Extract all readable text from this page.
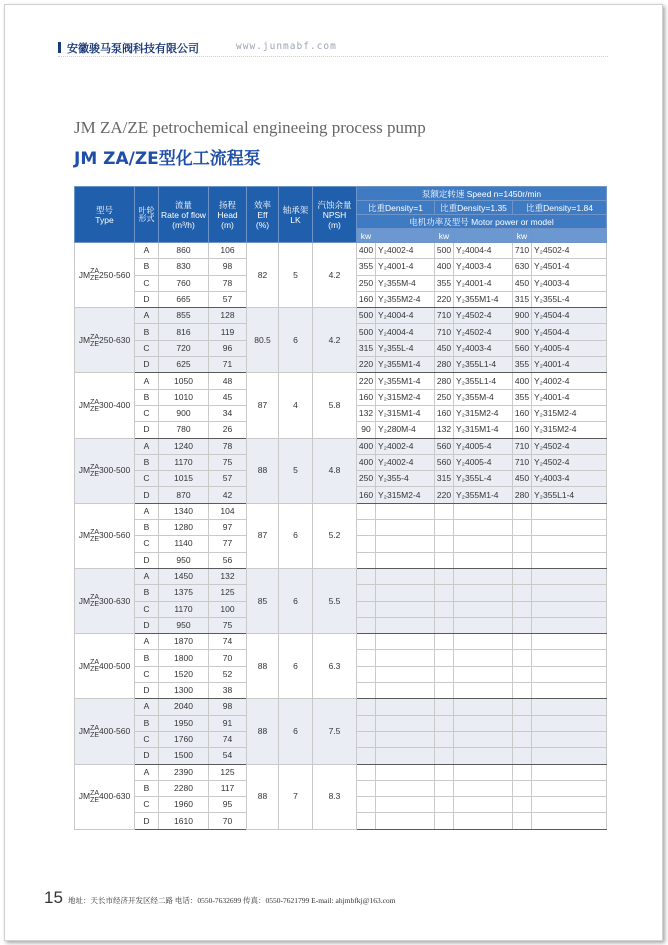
安徽骏马泵阀科技有限公司	www.junmabf.com
JM ZA/ZE petrochemical engineeing process pump
JM ZA/ZE型化工流程泵
型号
Type	叶轮形式	流量
Rate of flow
(m³/h)	扬程
Head
(m)	效率
Eff
(%)	轴承架
LK	汽蚀余量
NPSH
(m)	泵额定转速 Speed n=1450r/min					
							比重Density=1		比重Density=1.35		比重Density=1.84	
							电机功率及型号 Motor power or model					
							kw		kw		kw	
JM ZA
ZE 250-560	A	860	106	82	5	4.2	400	Y₂4002-4	500	Y₂4004-4	710	Y₂4502-4
	B	830	98				355	Y₂4001-4	400	Y₂4003-4	630	Y₂4501-4
	C	760	78				250	Y₂355M-4	355	Y₂4001-4	450	Y₂4003-4
	D	665	57				160	Y₂355M2-4	220	Y₂355M1-4	315	Y₂355L-4
JM ZA
ZE 250-630	A	855	128	80.5	6	4.2	500	Y₂4004-4	710	Y₂4502-4	900	Y₂4504-4
	B	816	119				500	Y₂4004-4	710	Y₂4502-4	900	Y₂4504-4
	C	720	96				315	Y₂355L-4	450	Y₂4003-4	560	Y₂4005-4
	D	625	71				220	Y₂355M1-4	280	Y₂355L1-4	355	Y₂4001-4
JM ZA
ZE 300-400	A	1050	48	87	4	5.8	220	Y₂355M1-4	280	Y₂355L1-4	400	Y₂4002-4
	B	1010	45				160	Y₂315M2-4	250	Y₂355M-4	355	Y₂4001-4
	C	900	34				132	Y₂315M1-4	160	Y₂315M2-4	160	Y₂315M2-4
	D	780	26				90	Y₂280M-4	132	Y₂315M1-4	160	Y₂315M2-4
JM ZA
ZE 300-500	A	1240	78	88	5	4.8	400	Y₂4002-4	560	Y₂4005-4	710	Y₂4502-4
	B	1170	75				400	Y₂4002-4	560	Y₂4005-4	710	Y₂4502-4
	C	1015	57				250	Y₂355-4	315	Y₂355L-4	450	Y₂4003-4
	D	870	42				160	Y₂315M2-4	220	Y₂355M1-4	280	Y₂355L1-4
JM ZA
ZE 300-560	A	1340	104	87	6	5.2						
	B	1280	97									
	C	1140	77									
	D	950	56									
JM ZA
ZE 300-630	A	1450	132	85	6	5.5						
	B	1375	125									
	C	1170	100									
	D	950	75									
JM ZA
ZE 400-500	A	1870	74	88	6	6.3						
	B	1800	70									
	C	1520	52									
	D	1300	38									
JM ZA
ZE 400-560	A	2040	98	88	6	7.5						
	B	1950	91									
	C	1760	74									
	D	1500	54									
JM ZA
ZE 400-630	A	2390	125	88	7	8.3						
	B	2280	117									
	C	1960	95									
	D	1610	70									
15 地址：天长市经济开发区经二路 电话：0550-7632699 传真：0550-7621799 E-mail: ahjmbfkj@163.com
